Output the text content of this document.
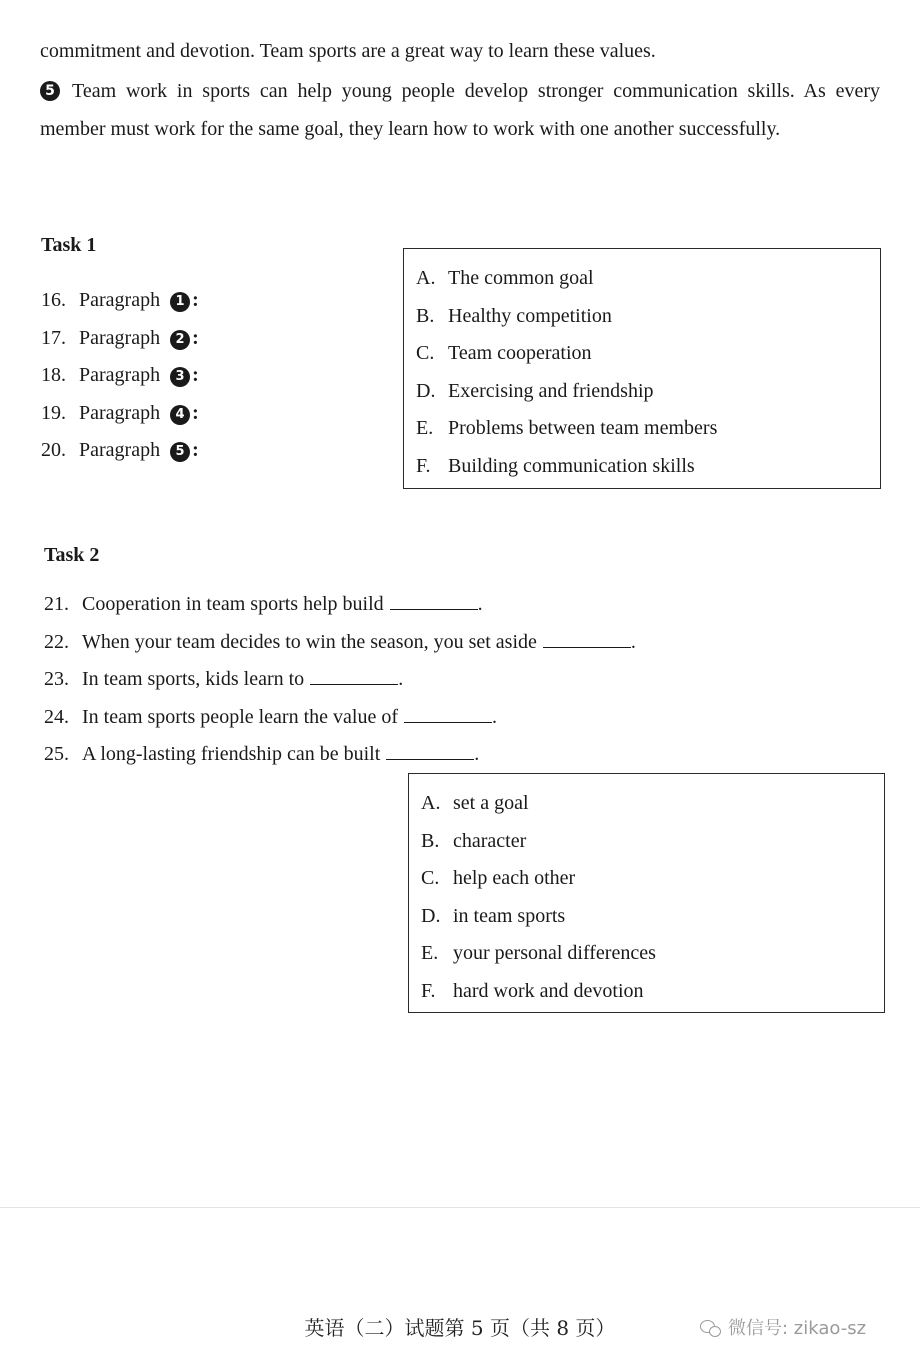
commitment and devotion. Team sports are a great way to learn these values.
5 Team work in sports can help young people develop stronger communication skills. As every member must work for the same goal, they learn how to work with one another successfully.
Task 1
16. Paragraph 1 :
17. Paragraph 2 :
18. Paragraph 3 :
19. Paragraph 4 :
20. Paragraph 5 :
A. The common goal
B. Healthy competition
C. Team cooperation
D. Exercising and friendship
E. Problems between team members
F. Building communication skills
Task 2
21. Cooperation in team sports help build	.
22. When your team decides to win the season, you set aside	.
23. In team sports, kids learn to	.
24. In team sports people learn the value of	.
25. A long-lasting friendship can be built	.
A. set a goal
B. character
C. help each other
D. in team sports
E. your personal differences
F. hard work and devotion
英语（二）试题第 5 页（共 8 页）	微信号: zikao-sz
